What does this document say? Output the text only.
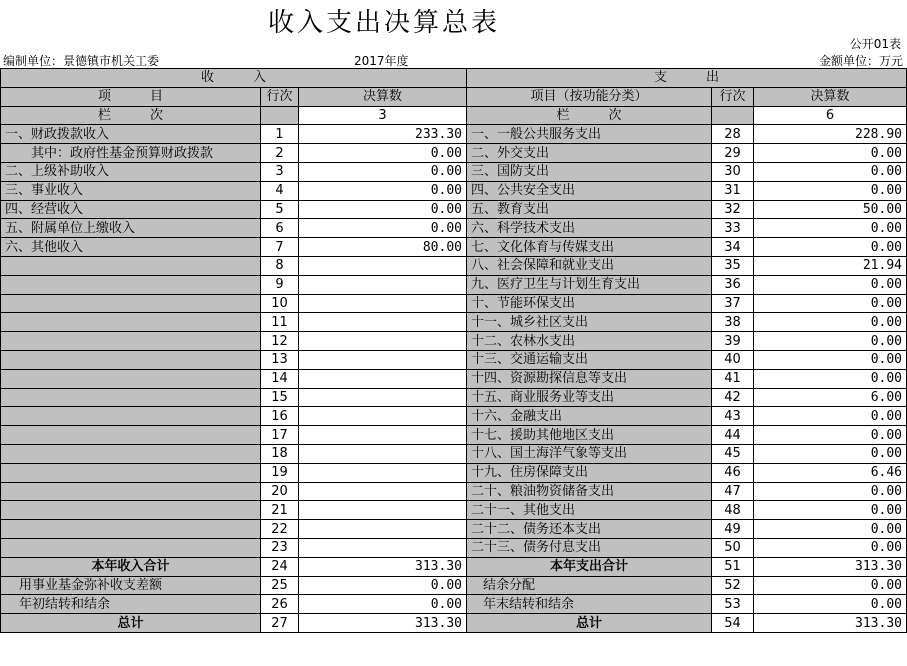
收入支出决算总表
公开01表
编制单位：景德镇市机关工委	2017年度	金额单位：万元
收　　　入			支　　　出		
项　　　目	行次	决算数	项目（按功能分类）	行次	决算数
栏　　　次		3	栏　　　次		6
一、财政拨款收入	1	233.30	一、一般公共服务支出	28	228.90
其中：政府性基金预算财政拨款	2	0.00	二、外交支出	29	0.00
二、上级补助收入	3	0.00	三、国防支出	30	0.00
三、事业收入	4	0.00	四、公共安全支出	31	0.00
四、经营收入	5	0.00	五、教育支出	32	50.00
五、附属单位上缴收入	6	0.00	六、科学技术支出	33	0.00
六、其他收入	7	80.00	七、文化体育与传媒支出	34	0.00
	8		八、社会保障和就业支出	35	21.94
	9		九、医疗卫生与计划生育支出	36	0.00
	10		十、节能环保支出	37	0.00
	11		十一、城乡社区支出	38	0.00
	12		十二、农林水支出	39	0.00
	13		十三、交通运输支出	40	0.00
	14		十四、资源勘探信息等支出	41	0.00
	15		十五、商业服务业等支出	42	6.00
	16		十六、金融支出	43	0.00
	17		十七、援助其他地区支出	44	0.00
	18		十八、国土海洋气象等支出	45	0.00
	19		十九、住房保障支出	46	6.46
	20		二十、粮油物资储备支出	47	0.00
	21		二十一、其他支出	48	0.00
	22		二十二、债务还本支出	49	0.00
	23		二十三、债务付息支出	50	0.00
本年收入合计	24	313.30	本年支出合计	51	313.30
用事业基金弥补收支差额	25	0.00	结余分配	52	0.00
年初结转和结余	26	0.00	年末结转和结余	53	0.00
总计	27	313.30	总计	54	313.30
